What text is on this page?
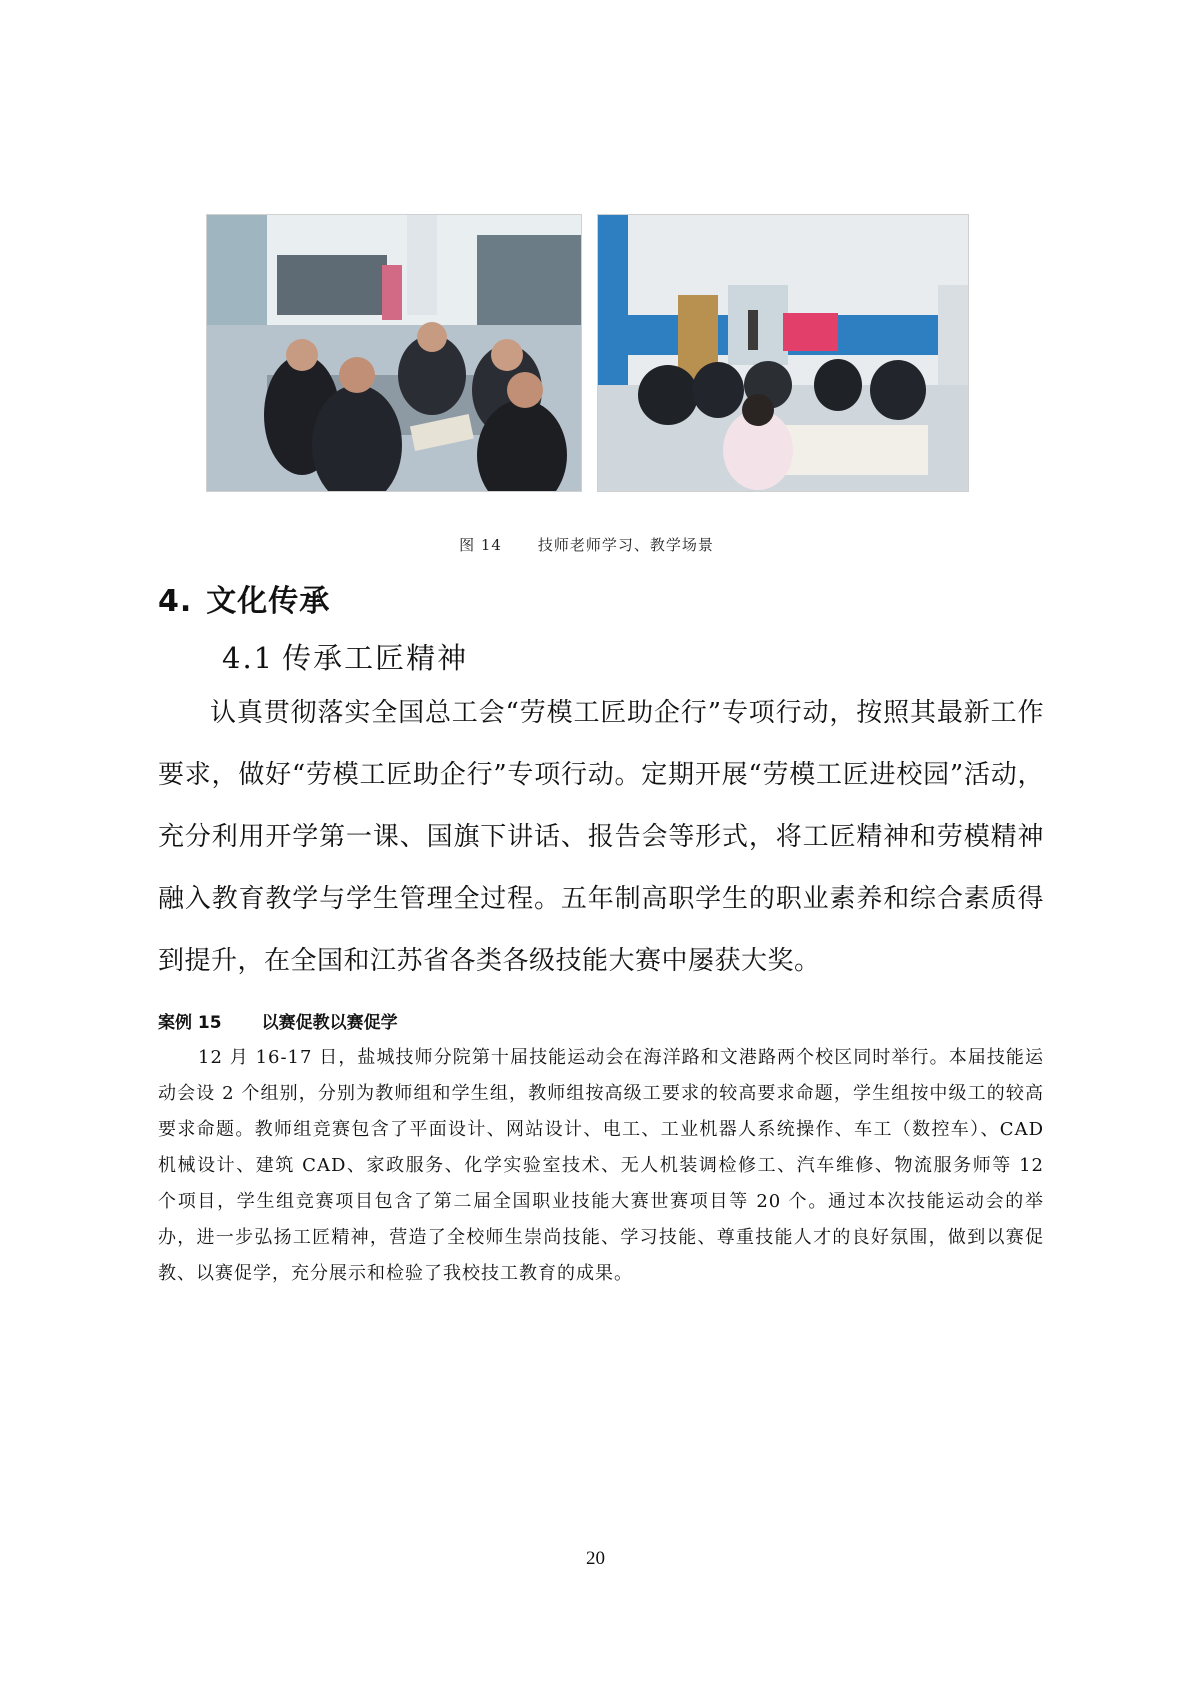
图 14 技师老师学习、教学场景
4. 文化传承
4.1 传承工匠精神

认真贯彻落实全国总工会“劳模工匠助企行”专项行动，按照其最新工作要求，做好“劳模工匠助企行”专项行动。定期开展“劳模工匠进校园”活动，充分利用开学第一课、国旗下讲话、报告会等形式，将工匠精神和劳模精神融入教育教学与学生管理全过程。五年制高职学生的职业素养和综合素质得到提升，在全国和江苏省各类各级技能大赛中屡获大奖。

案例 15 以赛促教以赛促学

12 月 16-17 日，盐城技师分院第十届技能运动会在海洋路和文港路两个校区同时举行。本届技能运动会设 2 个组别，分别为教师组和学生组，教师组按高级工要求的较高要求命题，学生组按中级工的较高要求命题。教师组竞赛包含了平面设计、网站设计、电工、工业机器人系统操作、车工（数控车）、CAD 机械设计、建筑 CAD、家政服务、化学实验室技术、无人机装调检修工、汽车维修、物流服务师等 12 个项目，学生组竞赛项目包含了第二届全国职业技能大赛世赛项目等 20 个。通过本次技能运动会的举办，进一步弘扬工匠精神，营造了全校师生崇尚技能、学习技能、尊重技能人才的良好氛围，做到以赛促教、以赛促学，充分展示和检验了我校技工教育的成果。

20
